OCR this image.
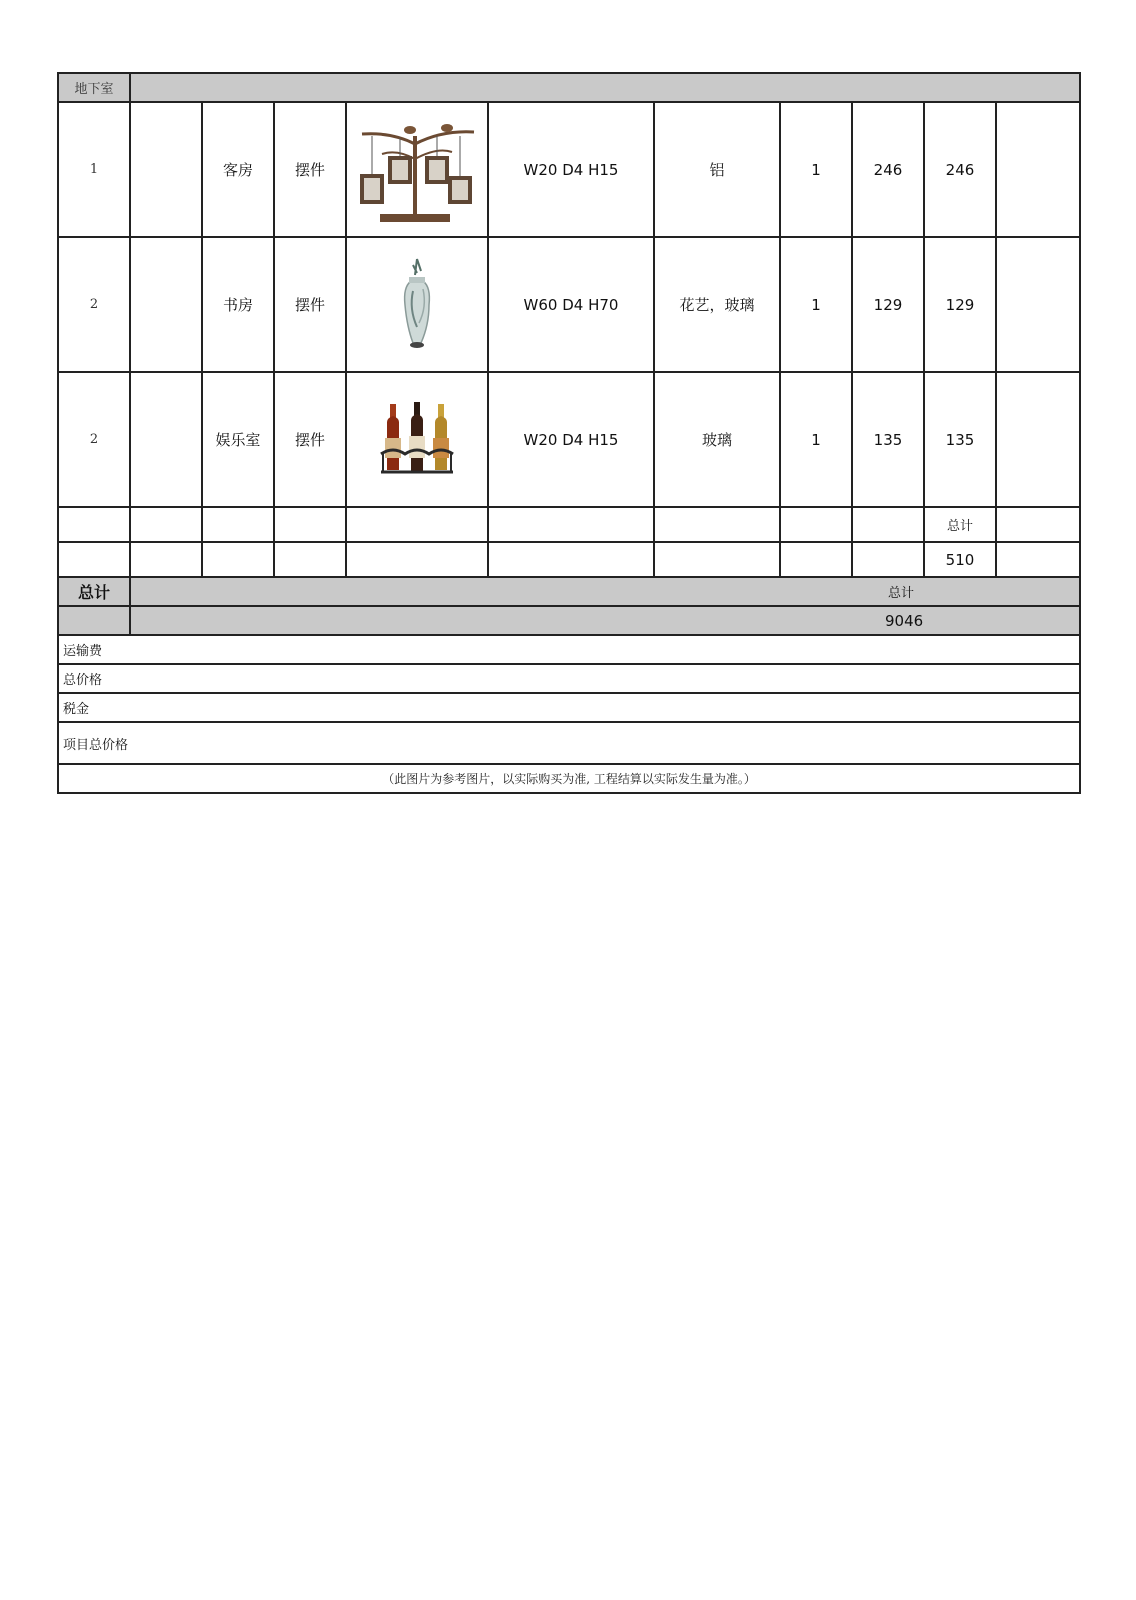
地下室										
1		客房	摆件		W20 D4 H15	铝	1	246	246	
2		书房	摆件		W60 D4 H70	花艺，玻璃	1	129	129	
2		娱乐室	摆件		W20 D4 H15	玻璃	1	135	135	
									总计	
									510	
总计	总计									
	9046									
运输费										
总价格										
税金										
项目总价格										
（此图片为参考图片，以实际购买为准, 工程结算以实际发生量为准。）										
